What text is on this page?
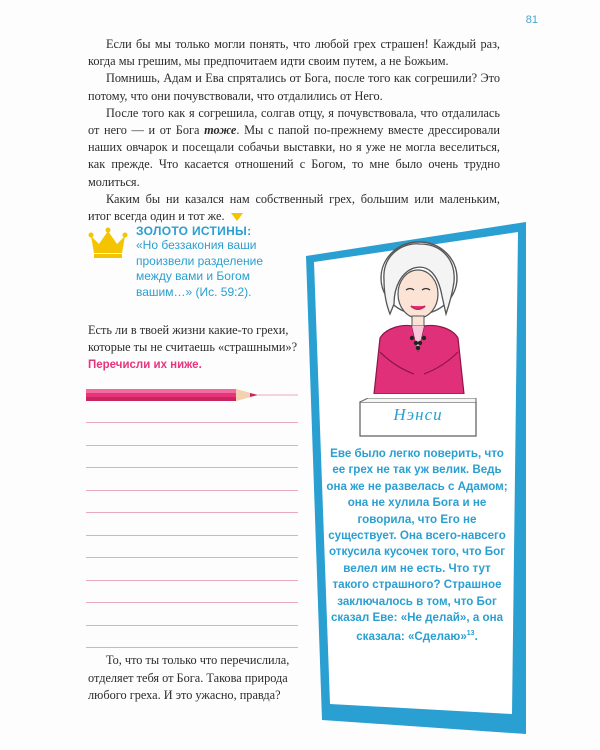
81

Если бы мы только могли понять, что любой грех страшен! Каждый раз, когда мы грешим, мы предпочитаем идти своим путем, а не Божьим.

Помнишь, Адам и Ева спрятались от Бога, после того как согрешили? Это потому, что они почувствовали, что отдалились от Него.

После того как я согрешила, солгав отцу, я почувствовала, что отдалилась от него — и от Бога тоже. Мы с папой по-прежнему вместе дрессировали наших овчарок и посещали собачьи выставки, но я уже не могла веселиться, как прежде. Что касается отношений с Богом, то мне было очень трудно молиться.

Каким бы ни казался нам собственный грех, большим или маленьким, итог всегда один и тот же.

ЗОЛОТО ИСТИНЫ:
«Но беззакония ваши произвели разделение между вами и Богом вашим…» (Ис. 59:2).
Есть ли в твоей жизни какие-то грехи, которые ты не считаешь «страшными»? Перечисли их ниже.

То, что ты только что перечислила, отделяет тебя от Бога. Такова природа любого греха. И это ужасно, правда?

Нэнси
Еве было легко поверить, что ее грех не так уж велик. Ведь она же не развелась с Адамом; она не хулила Бога и не говорила, что Его не существует. Она всего-навсего откусила кусочек того, что Бог велел им не есть. Что тут такого страшного? Страшное заключалось в том, что Бог сказал Еве: «Не делай», а она сказала: «Сделаю»$^{13}$.
